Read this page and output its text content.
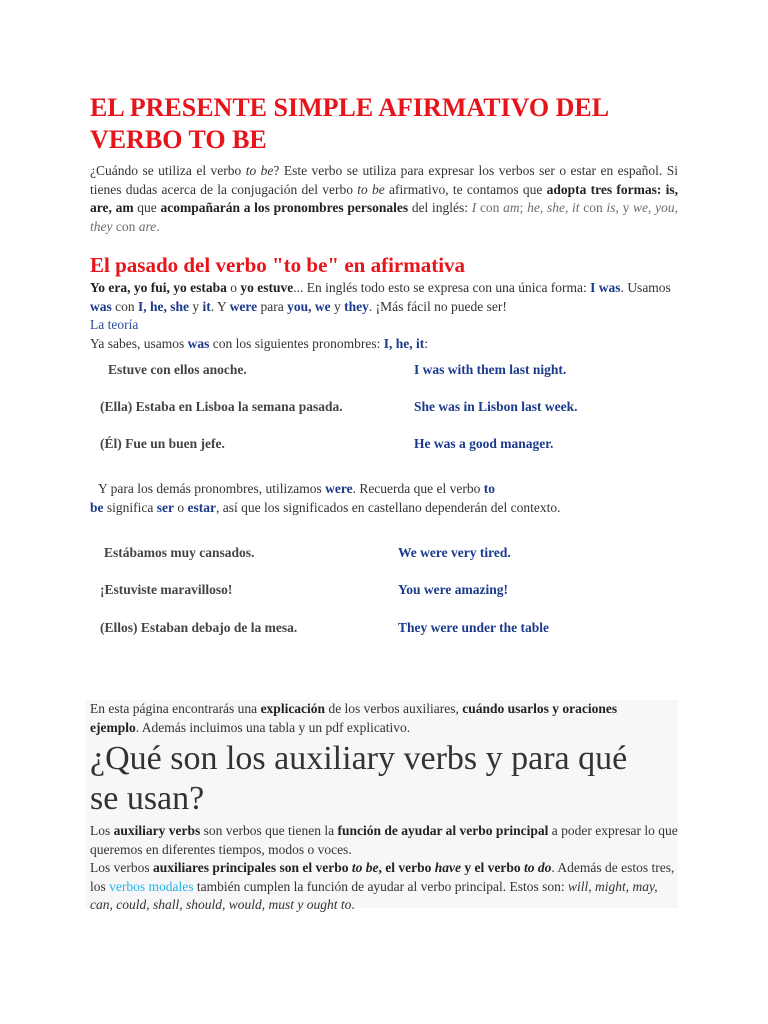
EL PRESENTE SIMPLE AFIRMATIVO DEL VERBO TO BE

¿Cuándo se utiliza el verbo to be? Este verbo se utiliza para expresar los verbos ser o estar en español. Si tienes dudas acerca de la conjugación del verbo to be afirmativo, te contamos que adopta tres formas: is, are, am que acompañarán a los pronombres personales del inglés: I con am; he, she, it con is, y we, you, they con are.

El pasado del verbo "to be" en afirmativa

Yo era, yo fui, yo estaba o yo estuve... En inglés todo esto se expresa con una única forma: I was. Usamos was con I, he, she y it. Y were para you, we y they. ¡Más fácil no puede ser!

La teoría

Ya sabes, usamos was con los siguientes pronombres: I, he, it:

Estuve con ellos anoche.	I was with them last night.
(Ella) Estaba en Lisboa la semana pasada.	She was in Lisbon last week.
(Él) Fue un buen jefe.	He was a good manager.

Y para los demás pronombres, utilizamos were. Recuerda que el verbo to
be significa ser o estar, así que los significados en castellano dependerán del contexto.

Estábamos muy cansados.	We were very tired.
¡Estuviste maravilloso!	You were amazing!
(Ellos) Estaban debajo de la mesa.	They were under the table

En esta página encontrarás una explicación de los verbos auxiliares, cuándo usarlos y oraciones ejemplo. Además incluimos una tabla y un pdf explicativo.

¿Qué son los auxiliary verbs y para qué se usan?

Los auxiliary verbs son verbos que tienen la función de ayudar al verbo principal a poder expresar lo que queremos en diferentes tiempos, modos o voces.

Los verbos auxiliares principales son el verbo to be, el verbo have y el verbo to do. Además de estos tres, los verbos modales también cumplen la función de ayudar al verbo principal. Estos son: will, might, may, can, could, shall, should, would, must y ought to.
